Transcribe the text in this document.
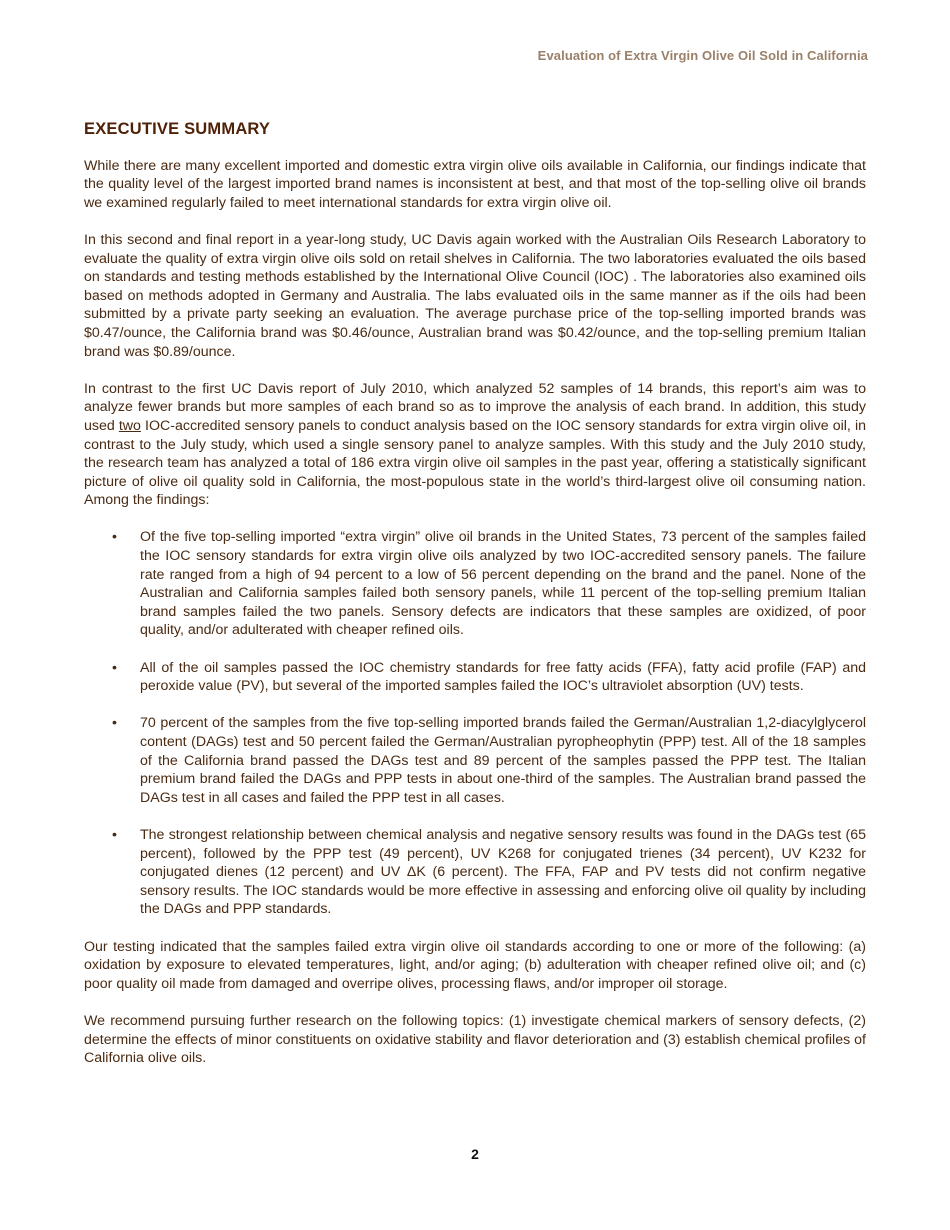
Evaluation of Extra Virgin Olive Oil Sold in California
EXECUTIVE SUMMARY

While there are many excellent imported and domestic extra virgin olive oils available in California, our findings indicate that the quality level of the largest imported brand names is inconsistent at best, and that most of the top-selling olive oil brands we examined regularly failed to meet international standards for extra virgin olive oil.

In this second and final report in a year-long study, UC Davis again worked with the Australian Oils Research Laboratory to evaluate the quality of extra virgin olive oils sold on retail shelves in California. The two laboratories evaluated the oils based on standards and testing methods established by the International Olive Council (IOC) . The laboratories also examined oils based on methods adopted in Germany and Australia. The labs evaluated oils in the same manner as if the oils had been submitted by a private party seeking an evaluation. The average purchase price of the top-selling imported brands was $0.47/ounce, the California brand was $0.46/ounce, Australian brand was $0.42/ounce, and the top-selling premium Italian brand was $0.89/ounce.

In contrast to the first UC Davis report of July 2010, which analyzed 52 samples of 14 brands, this report’s aim was to analyze fewer brands but more samples of each brand so as to improve the analysis of each brand. In addition, this study used two IOC-accredited sensory panels to conduct analysis based on the IOC sensory standards for extra virgin olive oil, in contrast to the July study, which used a single sensory panel to analyze samples. With this study and the July 2010 study, the research team has analyzed a total of 186 extra virgin olive oil samples in the past year, offering a statistically significant picture of olive oil quality sold in California, the most-populous state in the world’s third-largest olive oil consuming nation. Among the findings:

• Of the five top-selling imported “extra virgin” olive oil brands in the United States, 73 percent of the samples failed the IOC sensory standards for extra virgin olive oils analyzed by two IOC-accredited sensory panels. The failure rate ranged from a high of 94 percent to a low of 56 percent depending on the brand and the panel. None of the Australian and California samples failed both sensory panels, while 11 percent of the top-selling premium Italian brand samples failed the two panels. Sensory defects are indicators that these samples are oxidized, of poor quality, and/or adulterated with cheaper refined oils.
• All of the oil samples passed the IOC chemistry standards for free fatty acids (FFA), fatty acid profile (FAP) and peroxide value (PV), but several of the imported samples failed the IOC’s ultraviolet absorption (UV) tests.
• 70 percent of the samples from the five top-selling imported brands failed the German/Australian 1,2-diacylglycerol content (DAGs) test and 50 percent failed the German/Australian pyropheophytin (PPP) test. All of the 18 samples of the California brand passed the DAGs test and 89 percent of the samples passed the PPP test. The Italian premium brand failed the DAGs and PPP tests in about one-third of the samples. The Australian brand passed the DAGs test in all cases and failed the PPP test in all cases.
• The strongest relationship between chemical analysis and negative sensory results was found in the DAGs test (65 percent), followed by the PPP test (49 percent), UV K268 for conjugated trienes (34 percent), UV K232 for conjugated dienes (12 percent) and UV ΔK (6 percent). The FFA, FAP and PV tests did not confirm negative sensory results. The IOC standards would be more effective in assessing and enforcing olive oil quality by including the DAGs and PPP standards.

Our testing indicated that the samples failed extra virgin olive oil standards according to one or more of the following: (a) oxidation by exposure to elevated temperatures, light, and/or aging; (b) adulteration with cheaper refined olive oil; and (c) poor quality oil made from damaged and overripe olives, processing flaws, and/or improper oil storage.

We recommend pursuing further research on the following topics: (1) investigate chemical markers of sensory defects, (2) determine the effects of minor constituents on oxidative stability and flavor deterioration and (3) establish chemical profiles of California olive oils.

2
